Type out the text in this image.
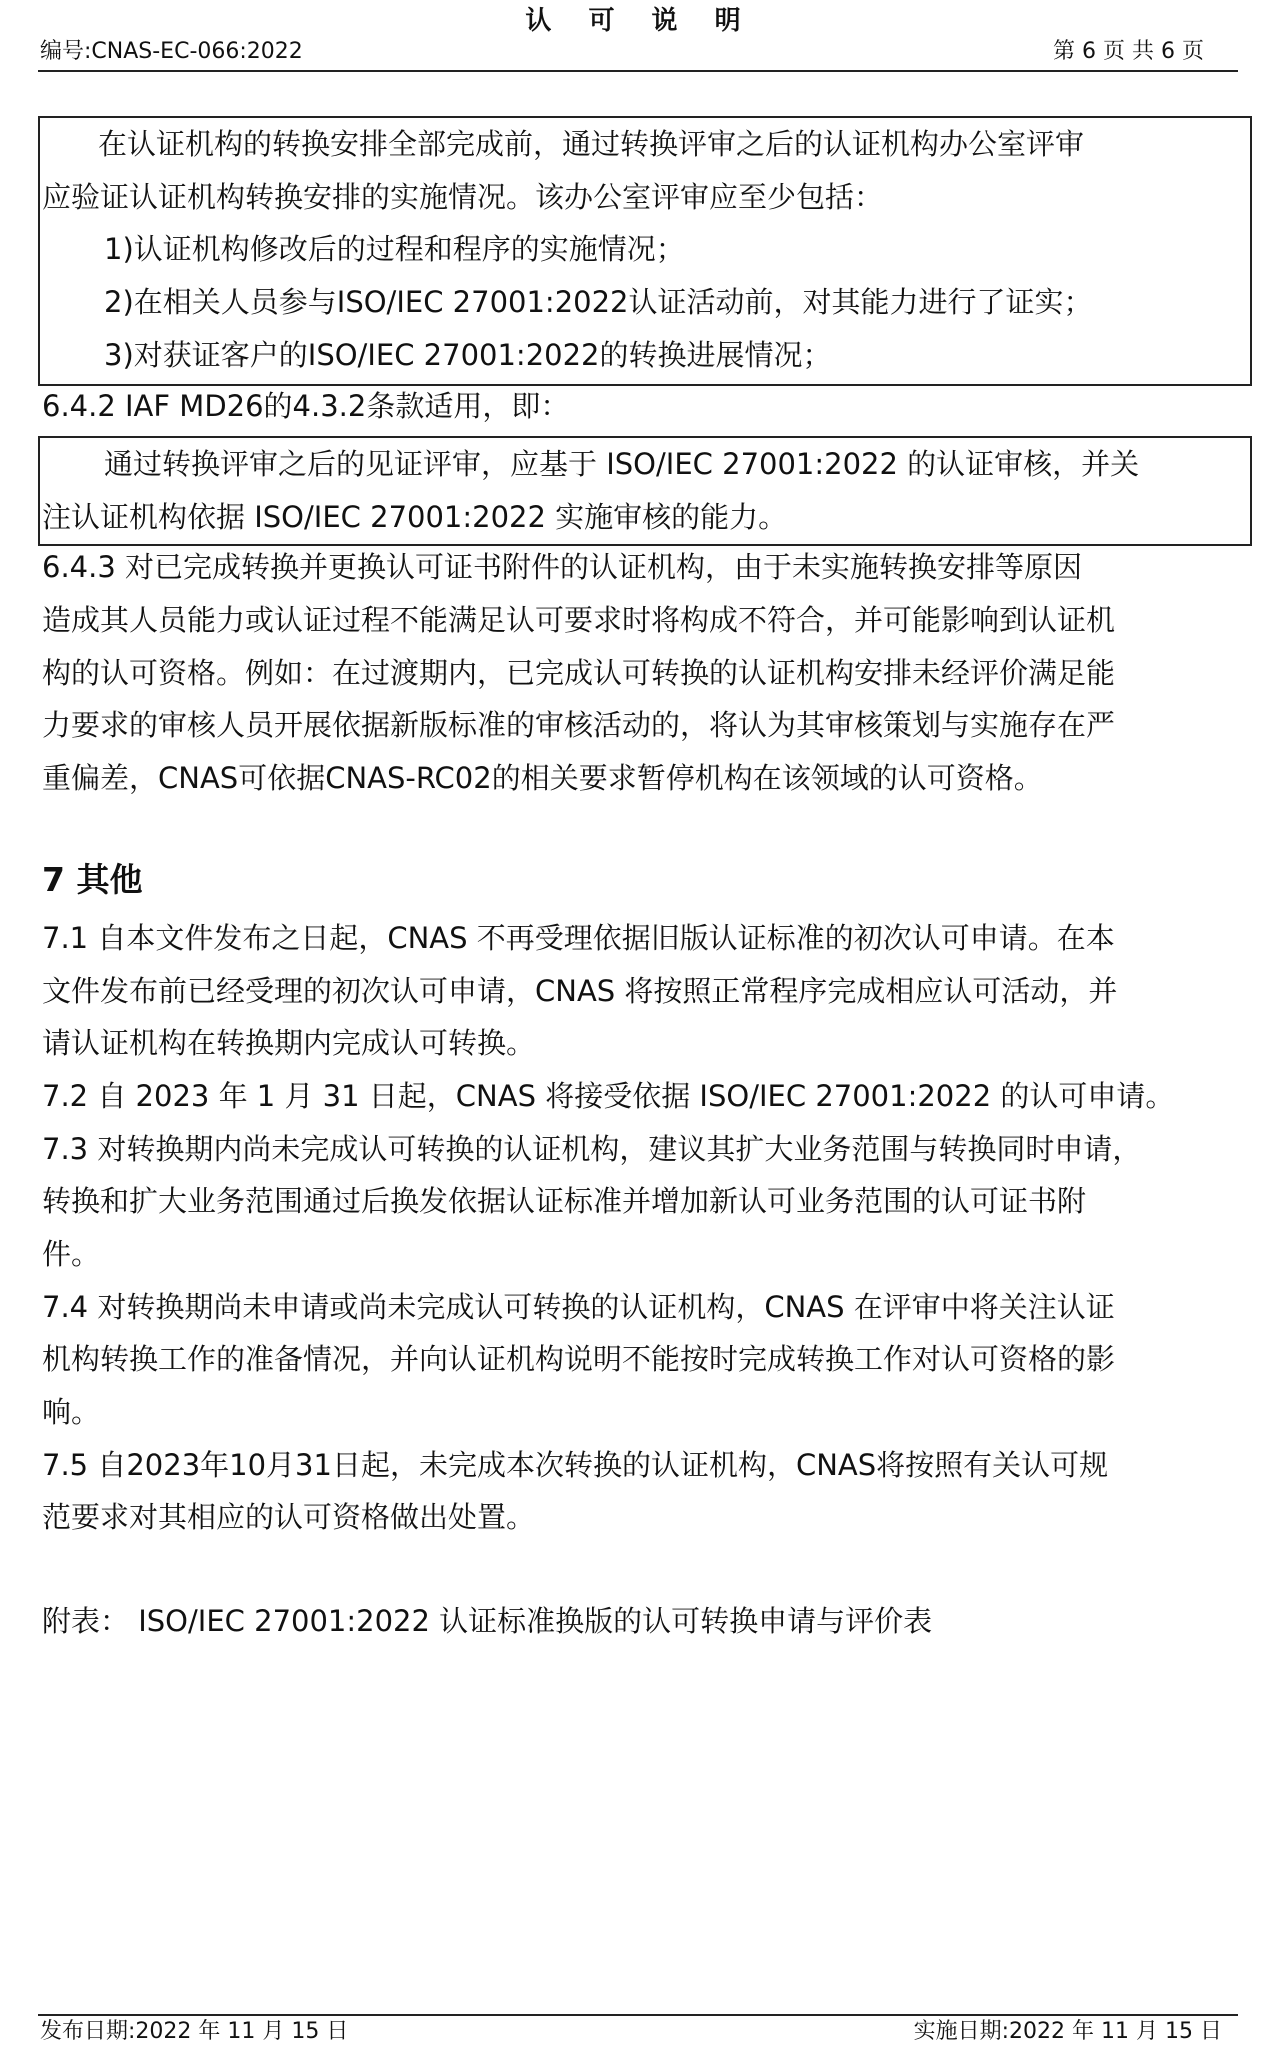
认 可 说 明
编号:CNAS-EC-066:2022	第 6 页 共 6 页
在认证机构的转换安排全部完成前，通过转换评审之后的认证机构办公室评审
应验证认证机构转换安排的实施情况。该办公室评审应至少包括：
1)认证机构修改后的过程和程序的实施情况；
2)在相关人员参与ISO/IEC 27001:2022认证活动前，对其能力进行了证实；
3)对获证客户的ISO/IEC 27001:2022的转换进展情况；
6.4.2 IAF MD26的4.3.2条款适用，即：
通过转换评审之后的见证评审，应基于 ISO/IEC 27001:2022 的认证审核，并关
注认证机构依据 ISO/IEC 27001:2022 实施审核的能力。
6.4.3 对已完成转换并更换认可证书附件的认证机构，由于未实施转换安排等原因
造成其人员能力或认证过程不能满足认可要求时将构成不符合，并可能影响到认证机
构的认可资格。例如：在过渡期内，已完成认可转换的认证机构安排未经评价满足能
力要求的审核人员开展依据新版标准的审核活动的，将认为其审核策划与实施存在严
重偏差，CNAS可依据CNAS-RC02的相关要求暂停机构在该领域的认可资格。
7 其他
7.1 自本文件发布之日起，CNAS 不再受理依据旧版认证标准的初次认可申请。在本
文件发布前已经受理的初次认可申请，CNAS 将按照正常程序完成相应认可活动，并
请认证机构在转换期内完成认可转换。
7.2 自 2023 年 1 月 31 日起，CNAS 将接受依据 ISO/IEC 27001:2022 的认可申请。
7.3 对转换期内尚未完成认可转换的认证机构，建议其扩大业务范围与转换同时申请，
转换和扩大业务范围通过后换发依据认证标准并增加新认可业务范围的认可证书附
件。
7.4 对转换期尚未申请或尚未完成认可转换的认证机构，CNAS 在评审中将关注认证
机构转换工作的准备情况，并向认证机构说明不能按时完成转换工作对认可资格的影
响。
7.5 自2023年10月31日起，未完成本次转换的认证机构，CNAS将按照有关认可规
范要求对其相应的认可资格做出处置。
附表： ISO/IEC 27001:2022 认证标准换版的认可转换申请与评价表
发布日期:2022 年 11 月 15 日	实施日期:2022 年 11 月 15 日
